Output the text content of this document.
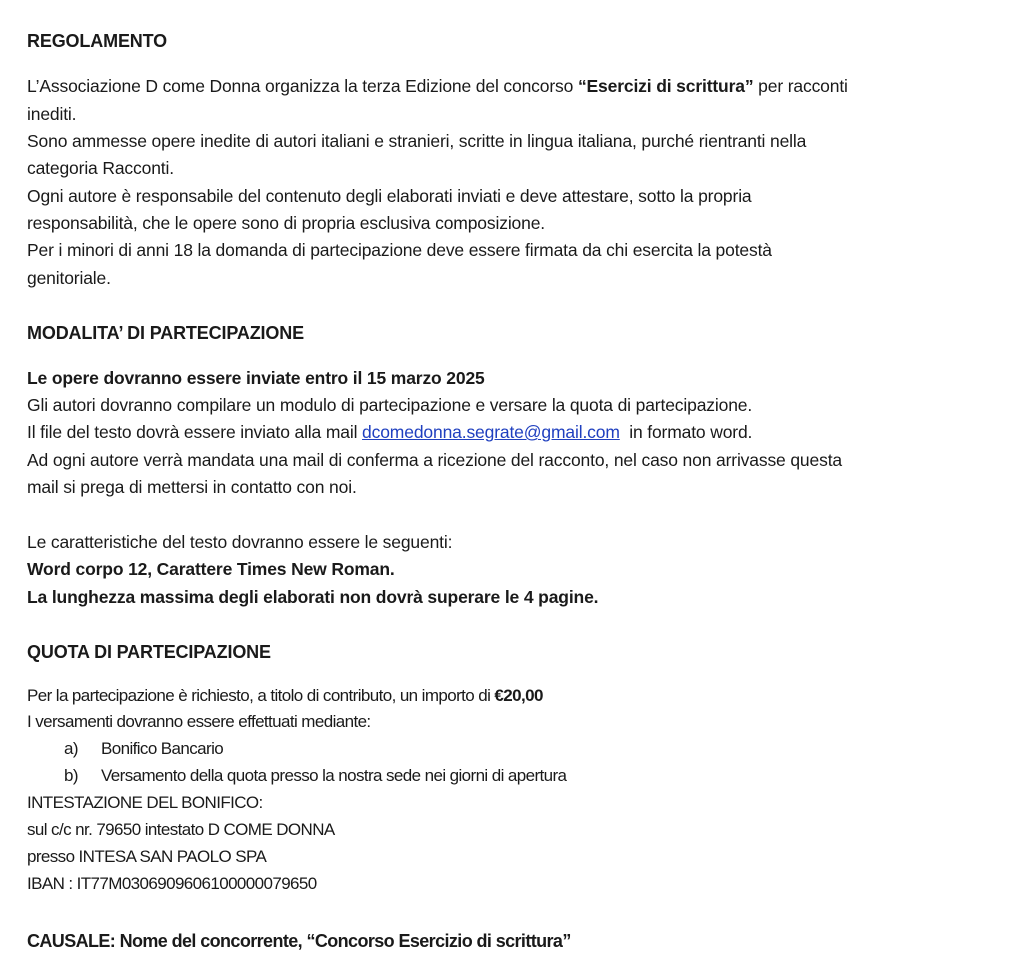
REGOLAMENTO
L’Associazione D come Donna organizza la terza Edizione del concorso “Esercizi di scrittura” per racconti
inediti.
Sono ammesse opere inedite di autori italiani e stranieri, scritte in lingua italiana, purché rientranti nella
categoria Racconti.
Ogni autore è responsabile del contenuto degli elaborati inviati e deve attestare, sotto la propria
responsabilità, che le opere sono di propria esclusiva composizione.
Per i minori di anni 18 la domanda di partecipazione deve essere firmata da chi esercita la potestà
genitoriale.
MODALITA’ DI PARTECIPAZIONE
Le opere dovranno essere inviate entro il 15 marzo 2025
Gli autori dovranno compilare un modulo di partecipazione e versare la quota di partecipazione.
Il file del testo dovrà essere inviato alla mail dcomedonna.segrate@gmail.com  in formato word.
Ad ogni autore verrà mandata una mail di conferma a ricezione del racconto, nel caso non arrivasse questa
mail si prega di mettersi in contatto con noi.
Le caratteristiche del testo dovranno essere le seguenti:
Word corpo 12, Carattere Times New Roman.
La lunghezza massima degli elaborati non dovrà superare le 4 pagine.
QUOTA DI PARTECIPAZIONE
Per la partecipazione è richiesto, a titolo di contributo, un importo di €20,00
I versamenti dovranno essere effettuati mediante:
a) Bonifico Bancario
b) Versamento della quota presso la nostra sede nei giorni di apertura
INTESTAZIONE DEL BONIFICO:
sul c/c nr. 79650 intestato D COME DONNA
presso INTESA SAN PAOLO SPA
IBAN : IT77M0306909606100000079650
CAUSALE: Nome del concorrente, “Concorso Esercizio di scrittura”
